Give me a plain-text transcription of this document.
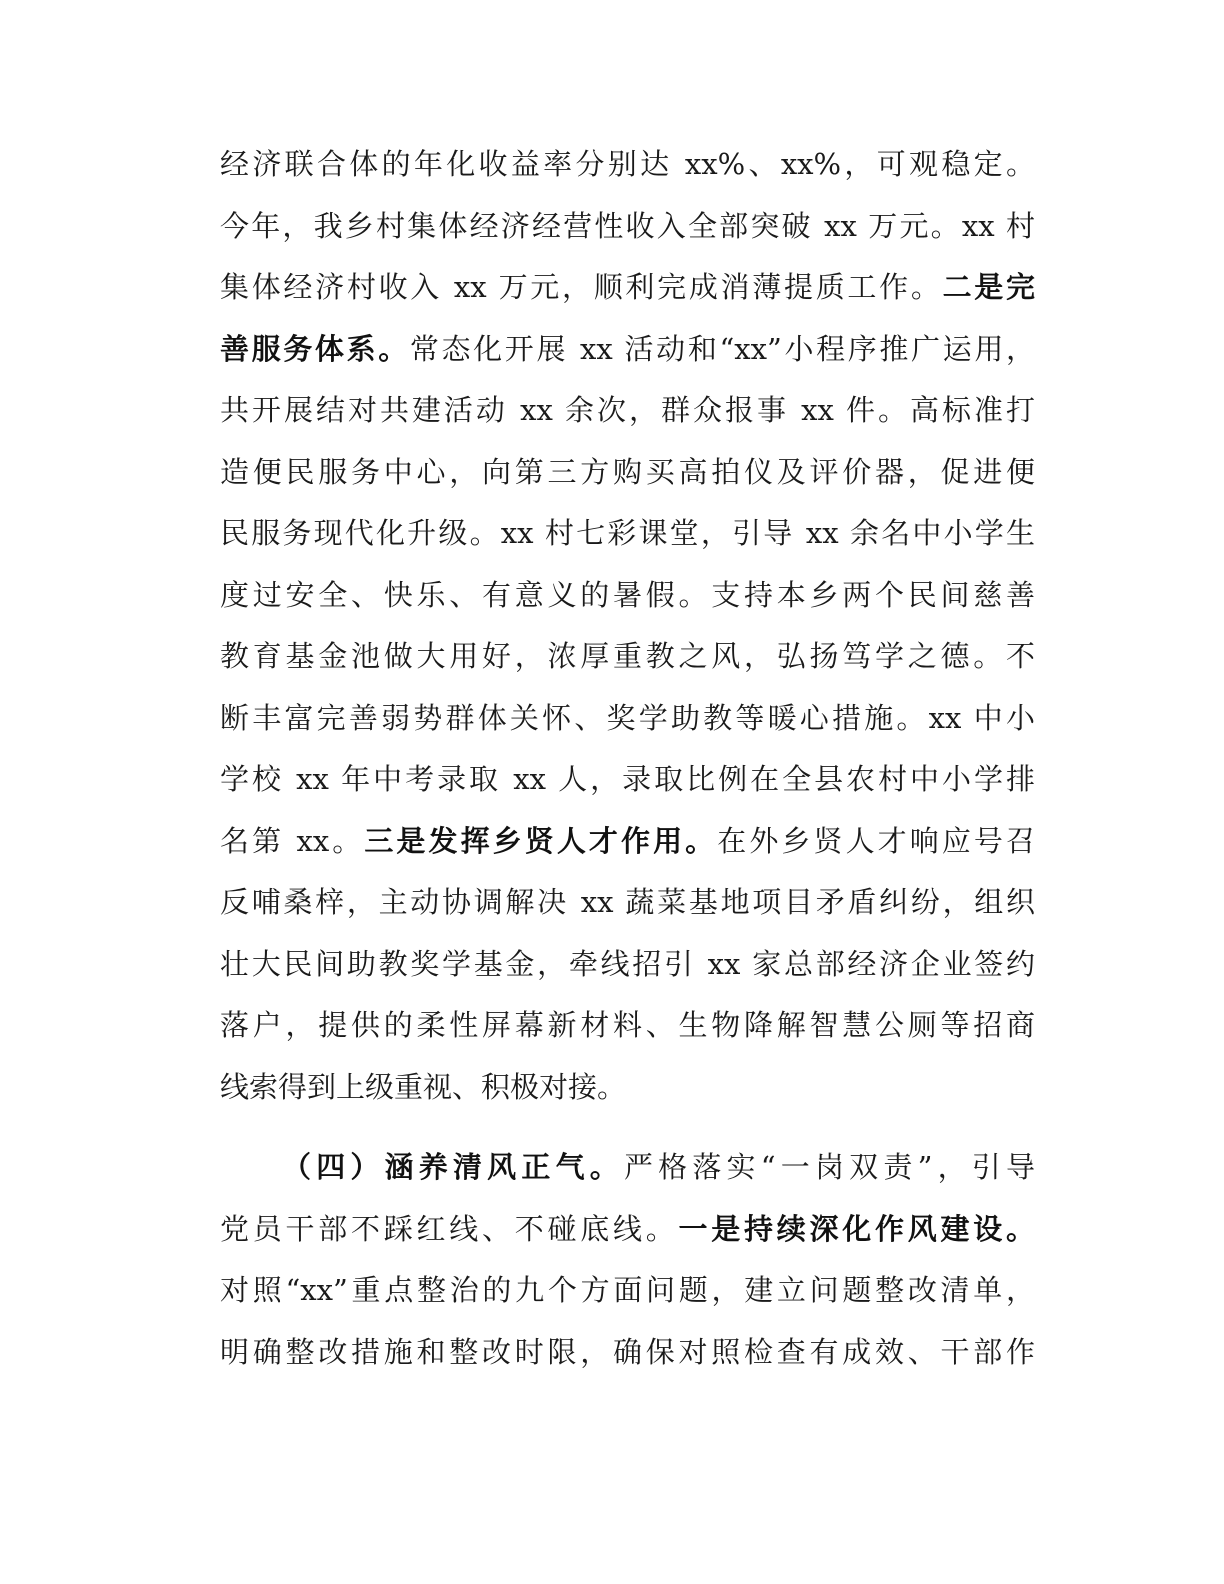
经济联合体的年化收益率分别达 xx%、xx%，可观稳定。
今年，我乡村集体经济经营性收入全部突破 xx 万元。xx 村
集体经济村收入 xx 万元，顺利完成消薄提质工作。二是完
善服务体系。常态化开展 xx 活动和“xx”小程序推广运用，
共开展结对共建活动 xx 余次，群众报事 xx 件。高标准打
造便民服务中心，向第三方购买高拍仪及评价器，促进便
民服务现代化升级。xx 村七彩课堂，引导 xx 余名中小学生
度过安全、快乐、有意义的暑假。支持本乡两个民间慈善
教育基金池做大用好，浓厚重教之风，弘扬笃学之德。不
断丰富完善弱势群体关怀、奖学助教等暖心措施。xx 中小
学校 xx 年中考录取 xx 人，录取比例在全县农村中小学排
名第 xx。三是发挥乡贤人才作用。在外乡贤人才响应号召
反哺桑梓，主动协调解决 xx 蔬菜基地项目矛盾纠纷，组织
壮大民间助教奖学基金，牵线招引 xx 家总部经济企业签约
落户，提供的柔性屏幕新材料、生物降解智慧公厕等招商
线索得到上级重视、积极对接。
（四）涵养清风正气。严格落实“一岗双责”，引导
党员干部不踩红线、不碰底线。一是持续深化作风建设。
对照“xx”重点整治的九个方面问题，建立问题整改清单，
明确整改措施和整改时限，确保对照检查有成效、干部作
